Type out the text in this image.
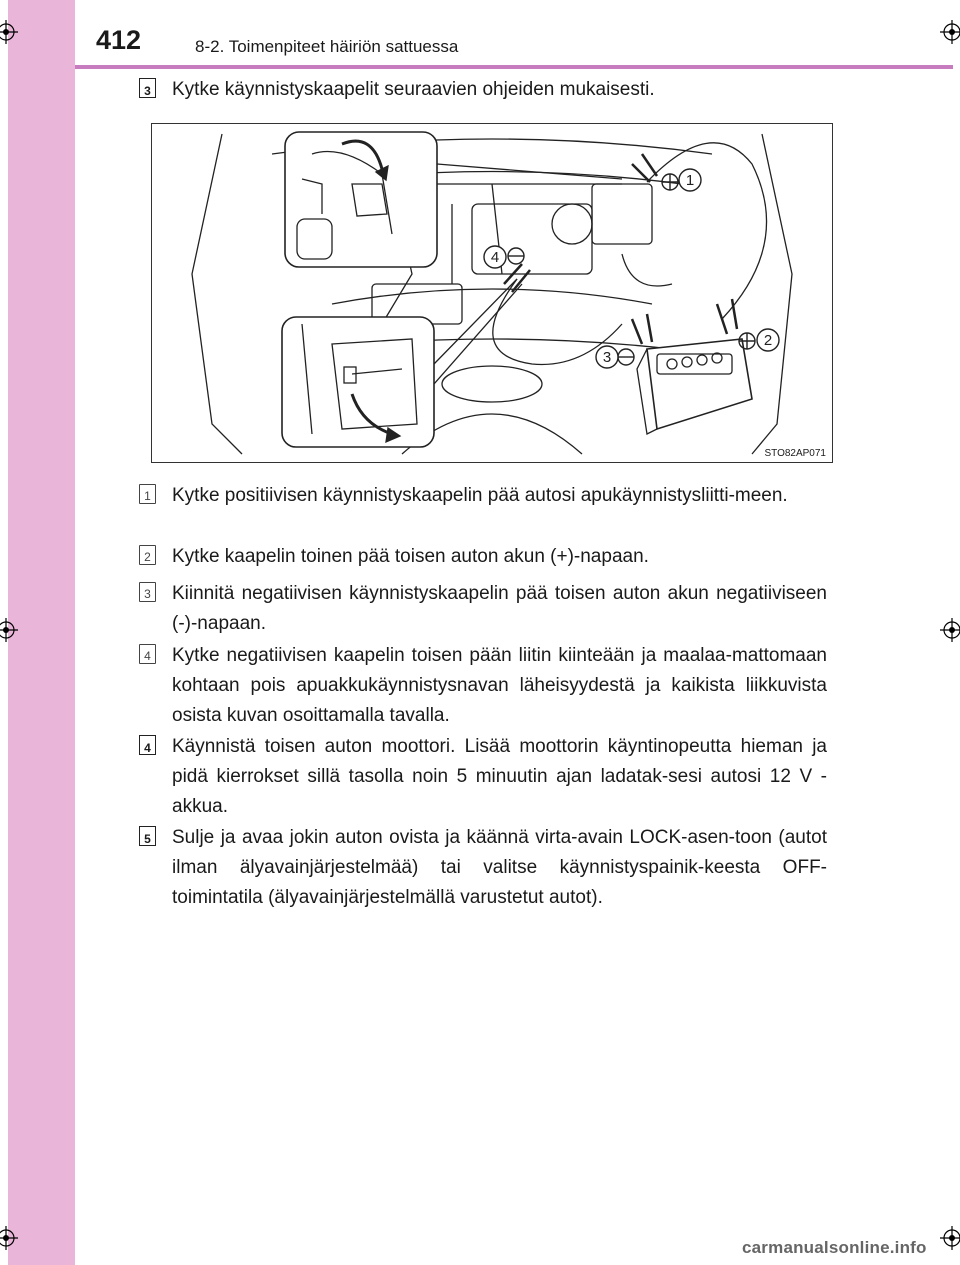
412	8-2. Toimenpiteet häiriön sattuessa
3 Kytke käynnistyskaapelit seuraavien ohjeiden mukaisesti.

1
2
3
4
STO82AP071
1 Kytke positiivisen käynnistyskaapelin pää autosi apukäynnistysliitti-meen.

2 Kytke kaapelin toinen pää toisen auton akun (+)-napaan.

3 Kiinnitä negatiivisen käynnistyskaapelin pää toisen auton akun negatiiviseen (-)-napaan.

4 Kytke negatiivisen kaapelin toisen pään liitin kiinteään ja maalaa-mattomaan kohtaan pois apuakkukäynnistysnavan läheisyydestä ja kaikista liikkuvista osista kuvan osoittamalla tavalla.

4 Käynnistä toisen auton moottori. Lisää moottorin käyntinopeutta hieman ja pidä kierrokset sillä tasolla noin 5 minuutin ajan ladatak-sesi autosi 12 V -akkua.

5 Sulje ja avaa jokin auton ovista ja käännä virta-avain LOCK-asen-toon (autot ilman älyavainjärjestelmää) tai valitse käynnistyspainik-keesta OFF-toimintatila (älyavainjärjestelmällä varustetut autot).

carmanualsonline.info
